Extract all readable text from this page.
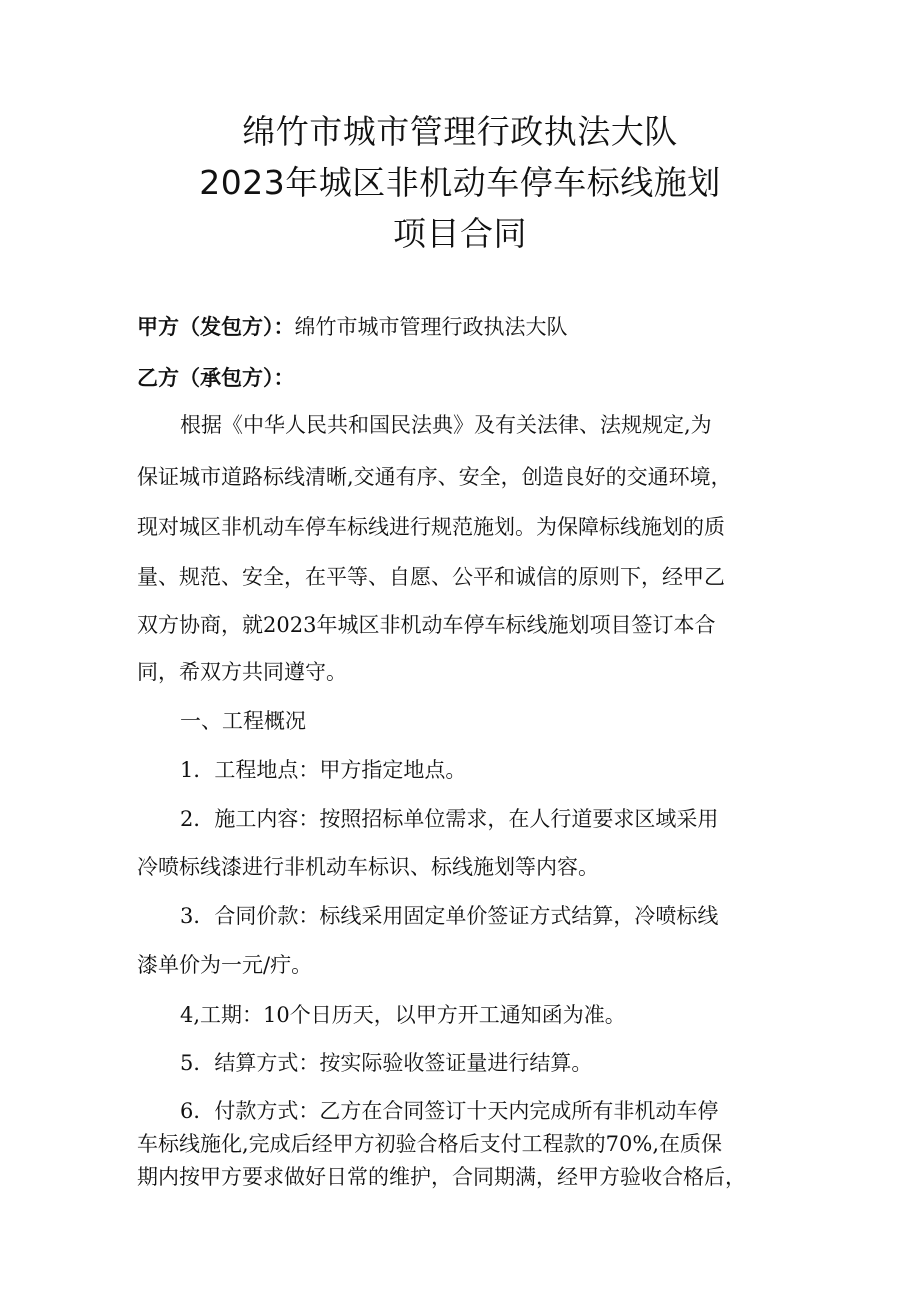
绵竹市城市管理行政执法大队
2023年城区非机动车停车标线施划
项目合同
甲方（发包方）：绵竹市城市管理行政执法大队
乙方（承包方）：
根据《中华人民共和国民法典》及有关法律、法规规定,为
保证城市道路标线清晰,交通有序、安全，创造良好的交通环境，
现对城区非机动车停车标线进行规范施划。为保障标线施划的质
量、规范、安全，在平等、自愿、公平和诚信的原则下，经甲乙
双方协商，就2023年城区非机动车停车标线施划项目签订本合
同，希双方共同遵守。
一、工程概况
1．工程地点：甲方指定地点。
2．施工内容：按照招标单位需求，在人行道要求区域采用
冷喷标线漆进行非机动车标识、标线施划等内容。
3．合同价款：标线采用固定单价签证方式结算，冷喷标线
漆单价为一元/疔。
4,工期：10个日历天，以甲方开工通知函为准。
5．结算方式：按实际验收签证量进行结算。
6．付款方式：乙方在合同签订十天内完成所有非机动车停
车标线施化,完成后经甲方初验合格后支付工程款的70%,在质保
期内按甲方要求做好日常的维护，合同期满，经甲方验收合格后，
